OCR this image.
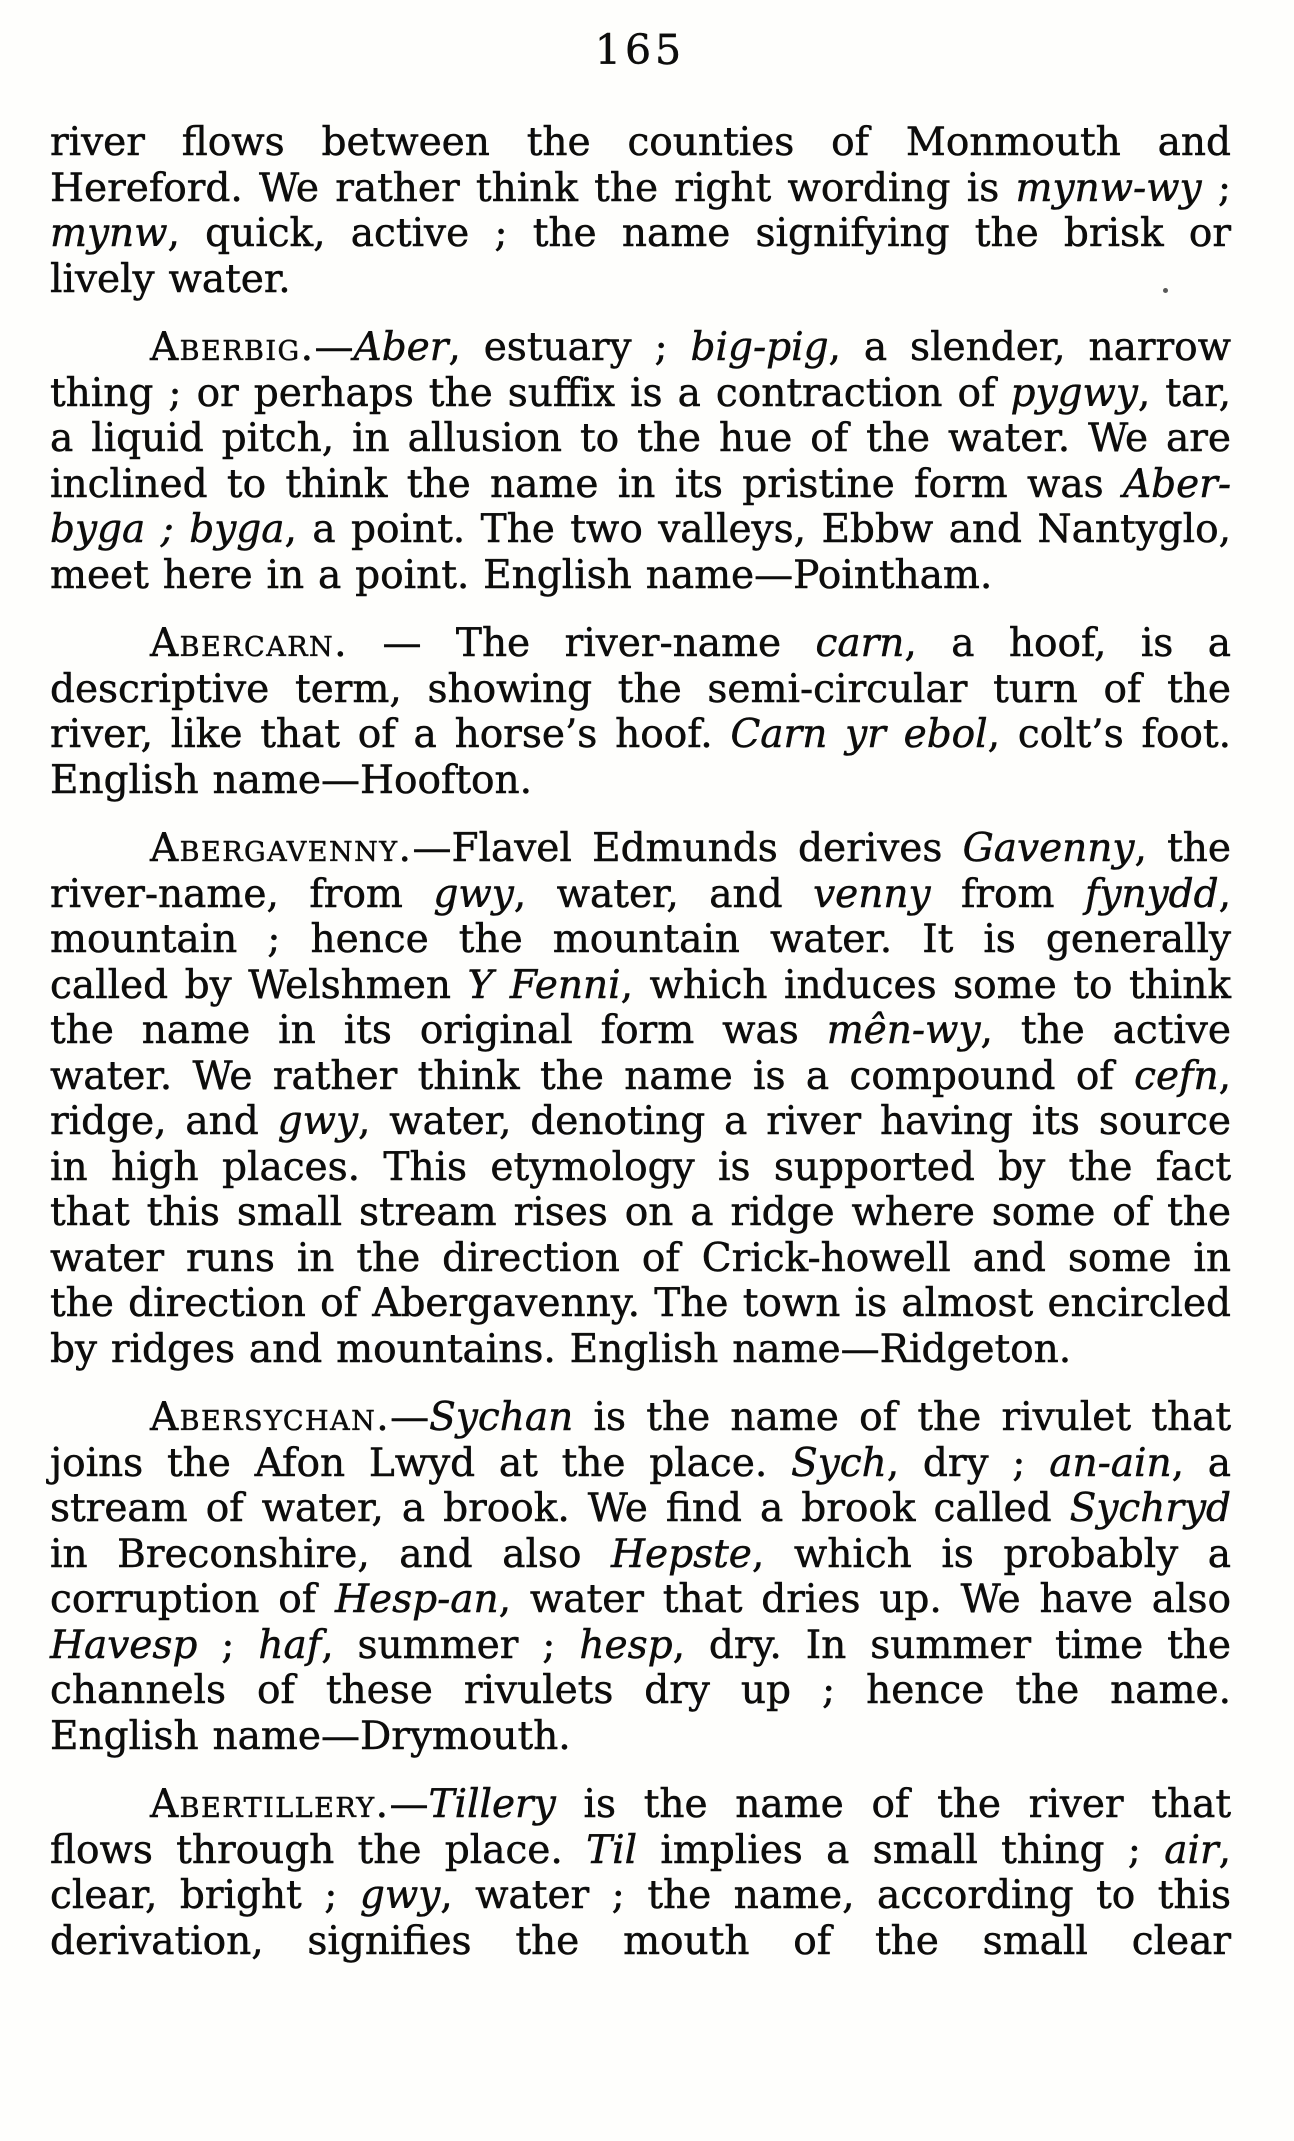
165

river flows between the counties of Monmouth and Hereford. We rather think the right wording is mynw-wy ; mynw, quick, active ; the name signifying the brisk or lively water.

Aberbig.—Aber, estuary ; big-pig, a slender, narrow thing ; or perhaps the suffix is a contraction of pygwy, tar, a liquid pitch, in allusion to the hue of the water. We are inclined to think the name in its pristine form was Aber-byga ; byga, a point. The two valleys, Ebbw and Nantyglo, meet here in a point. English name—Pointham.

Abercarn. — The river-name carn, a hoof, is a descriptive term, showing the semi-circular turn of the river, like that of a horse’s hoof. Carn yr ebol, colt’s foot. English name—Hoofton.

Abergavenny.—Flavel Edmunds derives Gavenny, the river-name, from gwy, water, and venny from fynydd, mountain ; hence the mountain water. It is generally called by Welshmen Y Fenni, which induces some to think the name in its original form was mên-wy, the active water. We rather think the name is a compound of cefn, ridge, and gwy, water, denoting a river having its source in high places. This etymology is supported by the fact that this small stream rises on a ridge where some of the water runs in the direction of Crick-howell and some in the direction of Abergavenny. The town is almost encircled by ridges and mountains. English name—Ridgeton.

Abersychan.—Sychan is the name of the rivulet that joins the Afon Lwyd at the place. Sych, dry ; an-ain, a stream of water, a brook. We find a brook called Sychryd in Breconshire, and also Hepste, which is probably a corruption of Hesp-an, water that dries up. We have also Havesp ; haf, summer ; hesp, dry. In summer time the channels of these rivulets dry up ; hence the name. English name—Drymouth.

Abertillery.—Tillery is the name of the river that flows through the place. Til implies a small thing ; air, clear, bright ; gwy, water ; the name, according to this derivation, signifies the mouth of the small clear
